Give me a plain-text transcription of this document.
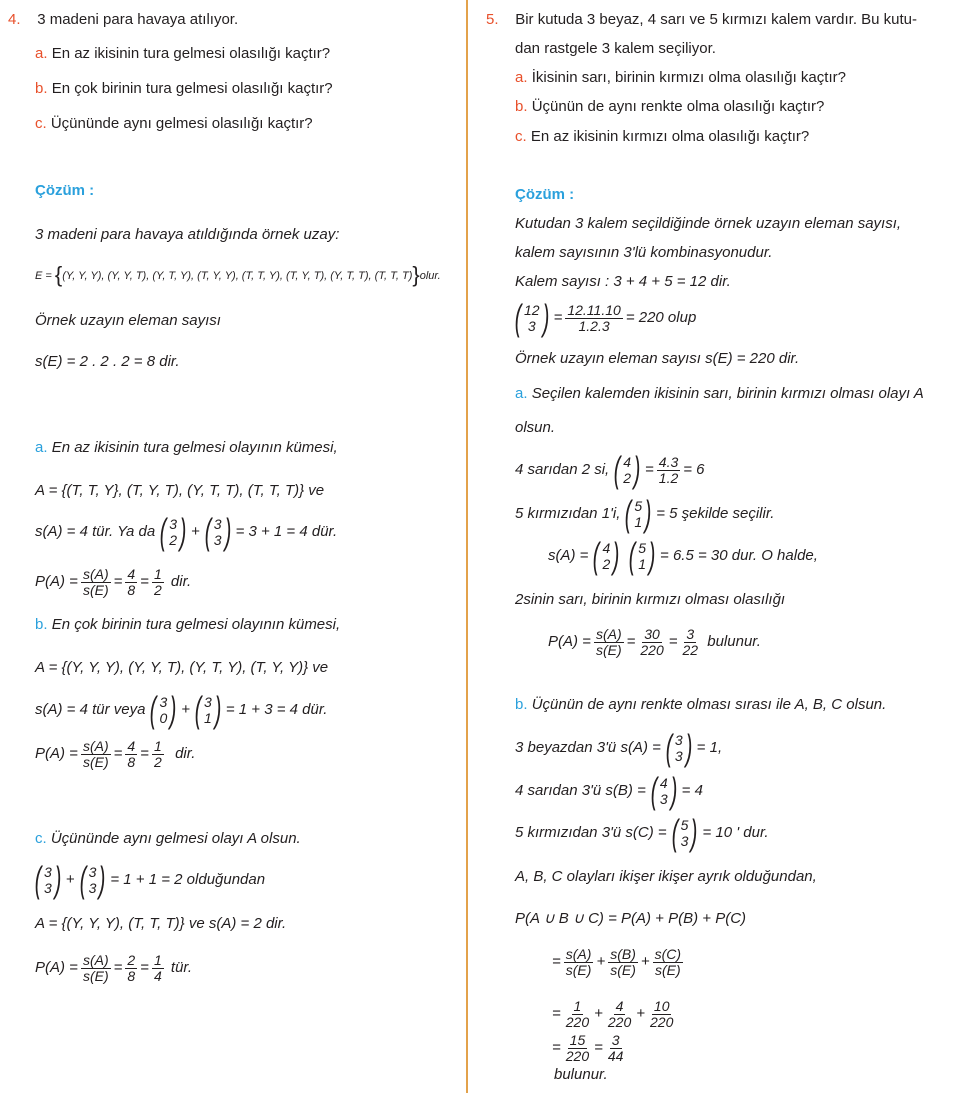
4. 3 madeni para havaya atılıyor.
a. En az ikisinin tura gelmesi olasılığı kaçtır?
b. En çok birinin tura gelmesi olasılığı kaçtır?
c. Üçününde aynı gelmesi olasılığı kaçtır?
Çözüm :
3 madeni para havaya atıldığında örnek uzay:
E = {(Y, Y, Y), (Y, Y, T), (Y, T, Y), (T, Y, Y), (T, T, Y), (T, Y, T), (Y, T, T), (T, T, T)}olur.
Örnek uzayın eleman sayısı
s(E) = 2 . 2 . 2 = 8 dir.
a. En az ikisinin tura gelmesi olayının kümesi,
A = {(T, T, Y}, (T, Y, T), (Y, T, T), (T, T, T)} ve
s(A) = 4 tür. Ya da ( 3
2 ) + ( 3
3 ) = 3 + 1 = 4 dür.
$P(A) = \frac{s(A)}{s(E)} = \frac{4}{8} = \frac{1}{2}$
dir.
b. En çok birinin tura gelmesi olayının kümesi,
A = {(Y, Y, Y), (Y, Y, T), (Y, T, Y), (T, Y, Y)} ve
s(A) = 4 tür veya ( 3
0 ) + ( 3
1 ) = 1 + 3 = 4 dür.
$P(A) = \frac{s(A)}{s(E)} = \frac{4}{8} = \frac{1}{2}$
dir.
c. Üçününde aynı gelmesi olayı A olsun.
( 3
3 ) + ( 3
3 ) = 1 + 1 = 2 olduğundan
A = {(Y, Y, Y), (T, T, T)} ve s(A) = 2 dir.
$P(A) = \frac{s(A)}{s(E)} = \frac{2}{8} = \frac{1}{4}$
tür.
5. Bir kutuda 3 beyaz, 4 sarı ve 5 kırmızı kalem vardır. Bu kutu-
dan rastgele 3 kalem seçiliyor.
a. İkisinin sarı, birinin kırmızı olma olasılığı kaçtır?
b. Üçünün de aynı renkte olma olasılığı kaçtır?
c. En az ikisinin kırmızı olma olasılığı kaçtır?
Çözüm :
Kutudan 3 kalem seçildiğinde örnek uzayın eleman sayısı,
kalem sayısının 3'lü kombinasyonudur.
Kalem sayısı : 3 + 4 + 5 = 12 dir.
( 12
3 ) = $\frac{12.11.10}{1.2.3} = 220$ olup
Örnek uzayın eleman sayısı s(E) = 220 dir.
a. Seçilen kalemden ikisinin sarı, birinin kırmızı olması olayı A
olsun.
4 sarıdan 2 si, ( 4
2 ) = $\frac{4.3}{1.2} = 6$
5 kırmızıdan 1'i, ( 5
1 ) = 5 şekilde seçilir.
s(A) = ( 4
2 ) ( 5
1 ) = 6.5 = 30 dur. O halde,
2sinin sarı, birinin kırmızı olması olasılığı
$P(A) = \frac{s(A)}{s(E)} = \frac{30}{220} = \frac{3}{22}$
bulunur.
b. Üçünün de aynı renkte olması sırası ile A, B, C olsun.
3 beyazdan 3'ü s(A) = ( 3
3 ) = 1,
4 sarıdan 3'ü s(B) = ( 4
3 ) = 4
5 kırmızıdan 3'ü s(C) = ( 5
3 ) = 10 ' dur.
A, B, C olayları ikişer ikişer ayrık olduğundan,
P(A ∪ B ∪ C) = P(A) + P(B) + P(C)
= $\frac{s(A)}{s(E)} + \frac{s(B)}{s(E)} + \frac{s(C)}{s(E)}$
= $\frac{1}{220} + \frac{4}{220} + \frac{10}{220}$
= $\frac{15}{220} = \frac{3}{44}$
bulunur.
